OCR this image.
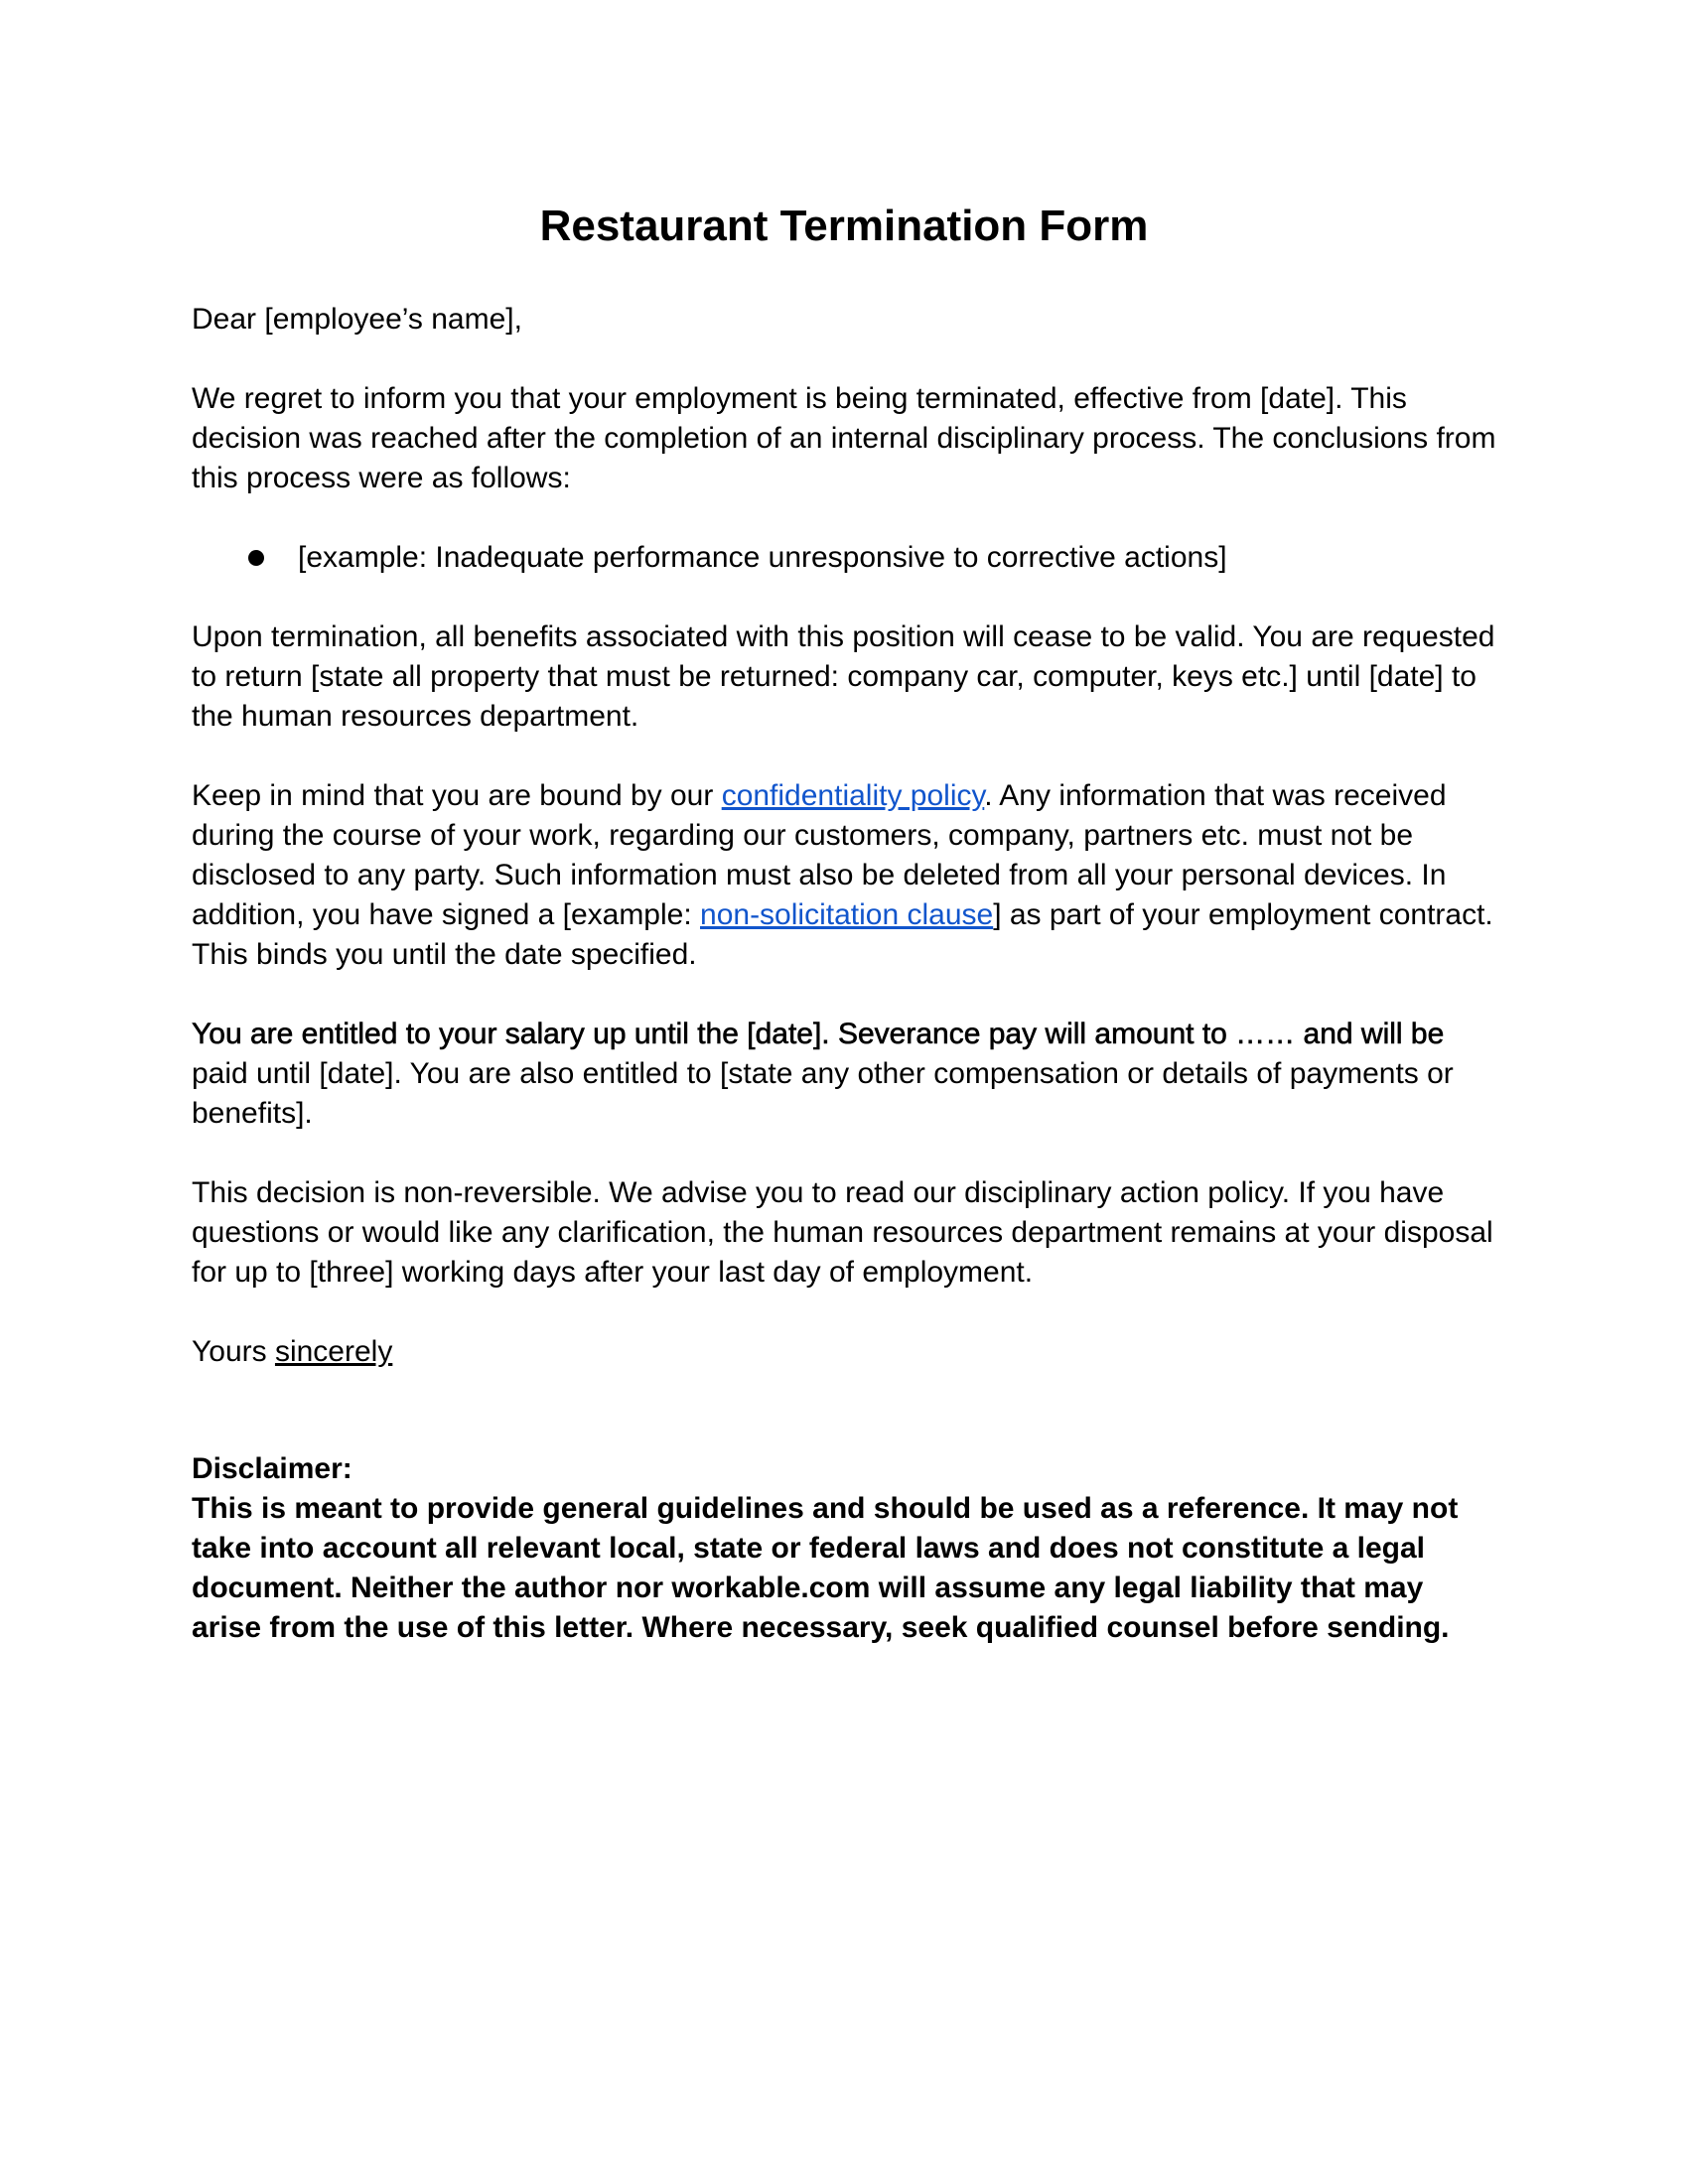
Restaurant Termination Form

Dear [employee’s name],

We regret to inform you that your employment is being terminated, effective from [date]. This decision was reached after the completion of an internal disciplinary process. The conclusions from this process were as follows:

[example: Inadequate performance unresponsive to corrective actions]

Upon termination, all benefits associated with this position will cease to be valid. You are requested to return [state all property that must be returned: company car, computer, keys etc.] until [date] to the human resources department.

Keep in mind that you are bound by our confidentiality policy. Any information that was received during the course of your work, regarding our customers, company, partners etc. must not be disclosed to any party. Such information must also be deleted from all your personal devices. In addition, you have signed a [example: non-solicitation clause] as part of your employment contract. This binds you until the date specified.

You are entitled to your salary up until the [date]. Severance pay will amount to …… and will be paid until [date]. You are also entitled to [state any other compensation or details of payments or benefits].

This decision is non-reversible. We advise you to read our disciplinary action policy. If you have questions or would like any clarification, the human resources department remains at your disposal for up to [three] working days after your last day of employment.

Yours sincerely

Disclaimer:

This is meant to provide general guidelines and should be used as a reference. It may not take into account all relevant local, state or federal laws and does not constitute a legal document. Neither the author nor workable.com will assume any legal liability that may arise from the use of this letter. Where necessary, seek qualified counsel before sending.
